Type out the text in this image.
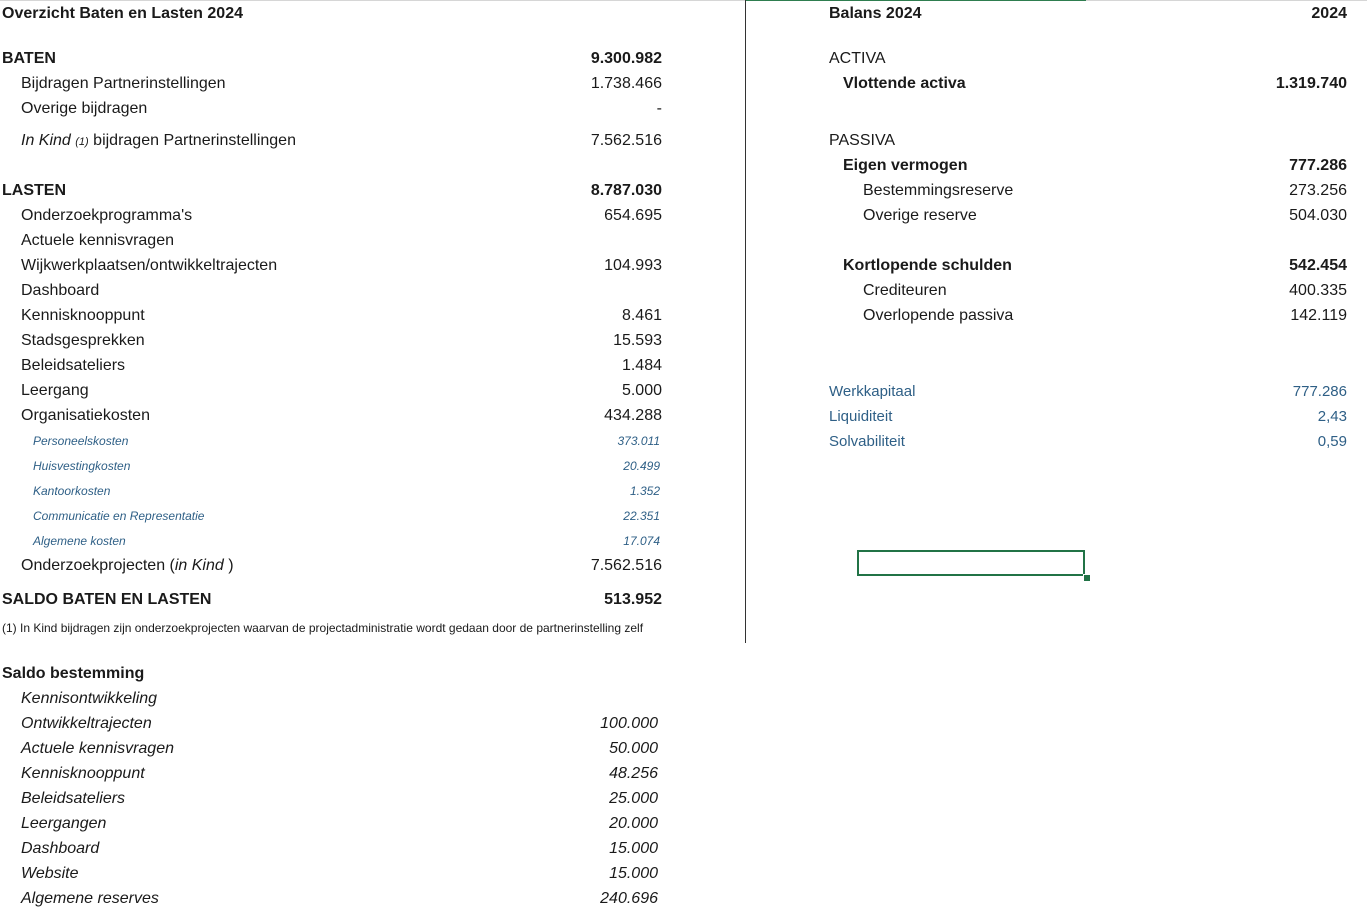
Overzicht Baten en Lasten 2024
BATEN	9.300.982
Bijdragen Partnerinstellingen	1.738.466
Overige bijdragen	-
In Kind (1) bijdragen Partnerinstellingen	7.562.516
LASTEN	8.787.030
Onderzoekprogramma's	654.695
Actuele kennisvragen
Wijkwerkplaatsen/ontwikkeltrajecten	104.993
Dashboard
Kennisknooppunt	8.461
Stadsgesprekken	15.593
Beleidsateliers	1.484
Leergang	5.000
Organisatiekosten	434.288
Personeelskosten	373.011
Huisvestingkosten	20.499
Kantoorkosten	1.352
Communicatie en Representatie	22.351
Algemene kosten	17.074
Onderzoekprojecten (in Kind )	7.562.516
SALDO BATEN EN LASTEN	513.952
(1) In Kind bijdragen zijn onderzoekprojecten waarvan de projectadministratie wordt gedaan door de partnerinstelling zelf
Saldo bestemming
Kennisontwikkeling
Ontwikkeltrajecten	100.000
Actuele kennisvragen	50.000
Kennisknooppunt	48.256
Beleidsateliers	25.000
Leergangen	20.000
Dashboard	15.000
Website	15.000
Algemene reserves	240.696
Balans 2024	2024
ACTIVA
Vlottende activa	1.319.740
PASSIVA
Eigen vermogen	777.286
Bestemmingsreserve	273.256
Overige reserve	504.030
Kortlopende schulden	542.454
Crediteuren	400.335
Overlopende passiva	142.119
Werkkapitaal	777.286
Liquiditeit	2,43
Solvabiliteit	0,59
